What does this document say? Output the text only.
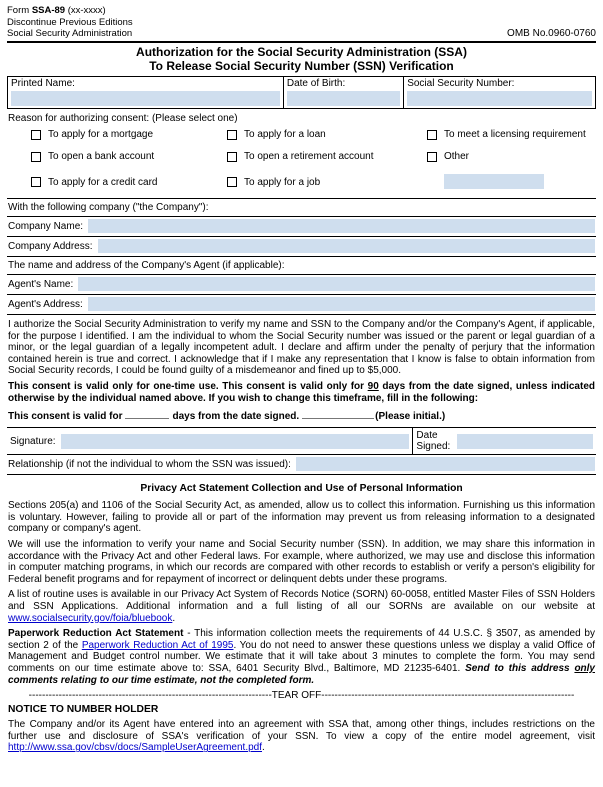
Form SSA-89 (xx-xxxx)
Discontinue Previous Editions
Social Security Administration	OMB No.0960-0760
Authorization for the Social Security Administration (SSA)
To Release Social Security Number (SSN) Verification
Printed Name:	Date of Birth:	Social Security Number:
Reason for authorizing consent: (Please select one)
To apply for a mortgage	To apply for a loan	To meet a licensing requirement
To open a bank account	To open a retirement account	Other
To apply for a credit card	To apply for a job
With the following company ("the Company"):
Company Name:
Company Address:
The name and address of the Company's Agent (if applicable):
Agent's Name:
Agent's Address:

I authorize the Social Security Administration to verify my name and SSN to the Company and/or the Company's Agent, if applicable, for the purpose I identified. I am the individual to whom the Social Security number was issued or the parent or legal guardian of a minor, or the legal guardian of a legally incompetent adult. I declare and affirm under the penalty of perjury that the information contained herein is true and correct. I acknowledge that if I make any representation that I know is false to obtain information from Social Security records, I could be found guilty of a misdemeanor and fined up to $5,000.

This consent is valid only for one-time use. This consent is valid only for 90 days from the date signed, unless indicated otherwise by the individual named above. If you wish to change this timeframe, fill in the following:

This consent is valid for	days from the date signed.	(Please initial.)
Signature:	Date Signed:
Relationship (if not the individual to whom the SSN was issued):
Privacy Act Statement Collection and Use of Personal Information

Sections 205(a) and 1106 of the Social Security Act, as amended, allow us to collect this information. Furnishing us this information is voluntary. However, failing to provide all or part of the information may prevent us from releasing information to a designated company or company's agent.

We will use the information to verify your name and Social Security number (SSN). In addition, we may share this information in accordance with the Privacy Act and other Federal laws. For example, where authorized, we may use and disclose this information in computer matching programs, in which our records are compared with other records to establish or verify a person's eligibility for Federal benefit programs and for repayment of incorrect or delinquent debts under these programs.

A list of routine uses is available in our Privacy Act System of Records Notice (SORN) 60-0058, entitled Master Files of SSN Holders and SSN Applications. Additional information and a full listing of all our SORNs are available on our website at www.socialsecurity.gov/foia/bluebook.

Paperwork Reduction Act Statement - This information collection meets the requirements of 44 U.S.C. § 3507, as amended by section 2 of the Paperwork Reduction Act of 1995. You do not need to answer these questions unless we display a valid Office of Management and Budget control number. We estimate that it will take about 3 minutes to complete the form. You may send comments on our time estimate above to: SSA, 6401 Security Blvd., Baltimore, MD 21235-6401. Send to this address only comments relating to our time estimate, not the completed form.

------------------------------------------------------------------------- TEAR OFF ----------------------------------------------------------------------------
NOTICE TO NUMBER HOLDER

The Company and/or its Agent have entered into an agreement with SSA that, among other things, includes restrictions on the further use and disclosure of SSA's verification of your SSN. To view a copy of the entire model agreement, visit http://www.ssa.gov/cbsv/docs/SampleUserAgreement.pdf.
